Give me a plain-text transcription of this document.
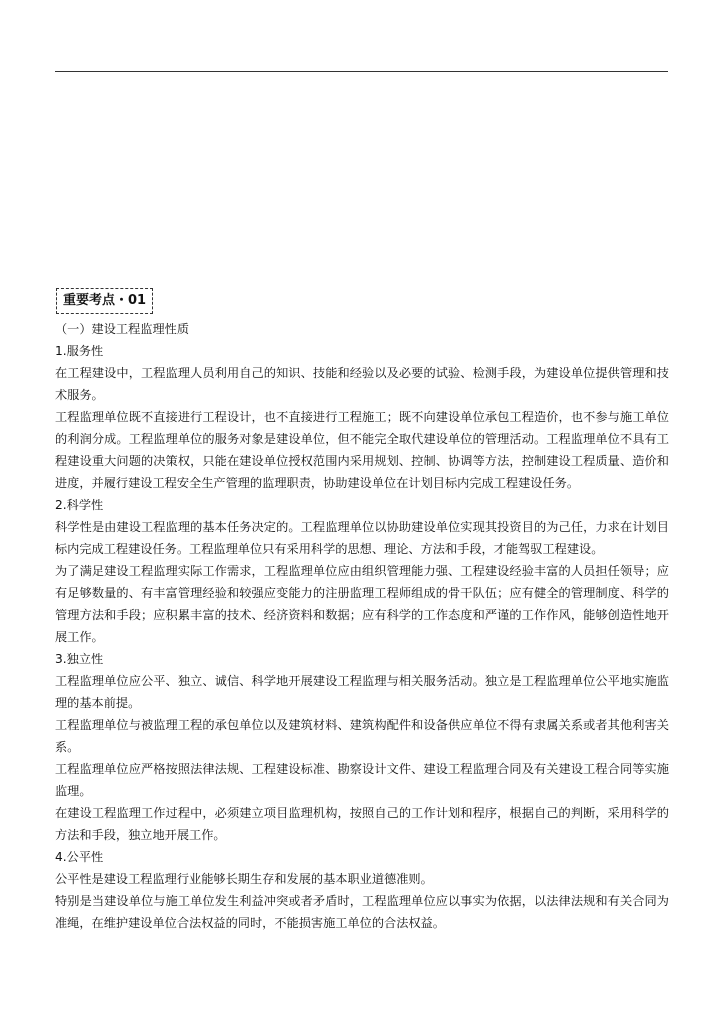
重要考点・01

（一）建设工程监理性质

1.服务性

在工程建设中，工程监理人员利用自己的知识、技能和经验以及必要的试验、检测手段，为建设单位提供管理和技术服务。

工程监理单位既不直接进行工程设计，也不直接进行工程施工；既不向建设单位承包工程造价，也不参与施工单位的利润分成。工程监理单位的服务对象是建设单位，但不能完全取代建设单位的管理活动。工程监理单位不具有工程建设重大问题的决策权，只能在建设单位授权范围内采用规划、控制、协调等方法，控制建设工程质量、造价和进度，并履行建设工程安全生产管理的监理职责，协助建设单位在计划目标内完成工程建设任务。

2.科学性

科学性是由建设工程监理的基本任务决定的。工程监理单位以协助建设单位实现其投资目的为己任，力求在计划目标内完成工程建设任务。工程监理单位只有采用科学的思想、理论、方法和手段，才能驾驭工程建设。

为了满足建设工程监理实际工作需求，工程监理单位应由组织管理能力强、工程建设经验丰富的人员担任领导；应有足够数量的、有丰富管理经验和较强应变能力的注册监理工程师组成的骨干队伍；应有健全的管理制度、科学的管理方法和手段；应积累丰富的技术、经济资料和数据；应有科学的工作态度和严谨的工作作风，能够创造性地开展工作。

3.独立性

工程监理单位应公平、独立、诚信、科学地开展建设工程监理与相关服务活动。独立是工程监理单位公平地实施监理的基本前提。

工程监理单位与被监理工程的承包单位以及建筑材料、建筑构配件和设备供应单位不得有隶属关系或者其他利害关系。

工程监理单位应严格按照法律法规、工程建设标准、勘察设计文件、建设工程监理合同及有关建设工程合同等实施监理。

在建设工程监理工作过程中，必须建立项目监理机构，按照自己的工作计划和程序，根据自己的判断，采用科学的方法和手段，独立地开展工作。

4.公平性

公平性是建设工程监理行业能够长期生存和发展的基本职业道德准则。

特别是当建设单位与施工单位发生利益冲突或者矛盾时，工程监理单位应以事实为依据，以法律法规和有关合同为准绳，在维护建设单位合法权益的同时，不能损害施工单位的合法权益。
